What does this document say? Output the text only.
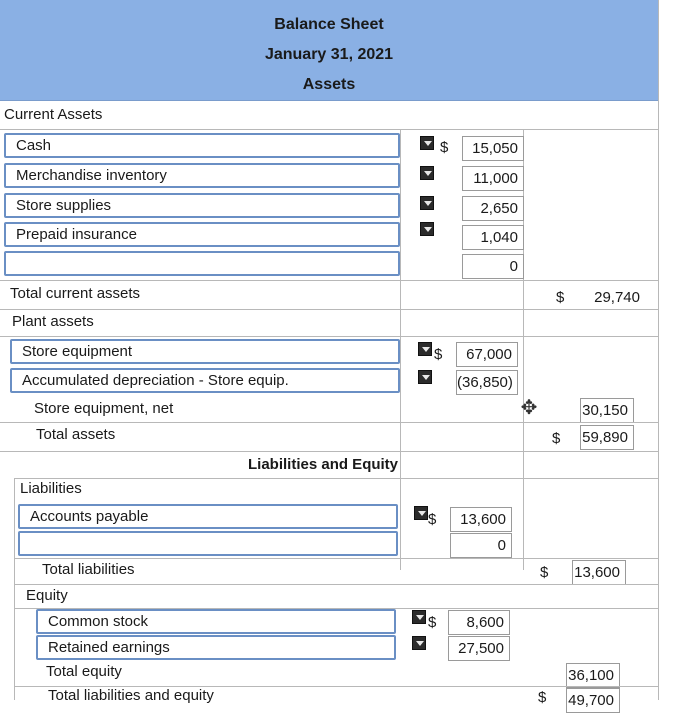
Balance Sheet
January 31, 2021
Assets
Current Assets
Cash	$	15,050
Merchandise inventory	11,000
Store supplies	2,650
Prepaid insurance	1,040
0
Total current assets	$	29,740
Plant assets
Store equipment	$	67,000
Accumulated depreciation - Store equip.	(36,850)
Store equipment, net	✥	30,150
Total assets	$ 59,890
Liabilities and Equity
Liabilities
Accounts payable	$	13,600
0
Total liabilities	$ 13,600
Equity
Common stock	$	8,600
Retained earnings	27,500
Total equity	36,100
Total liabilities and equity	$ 49,700
